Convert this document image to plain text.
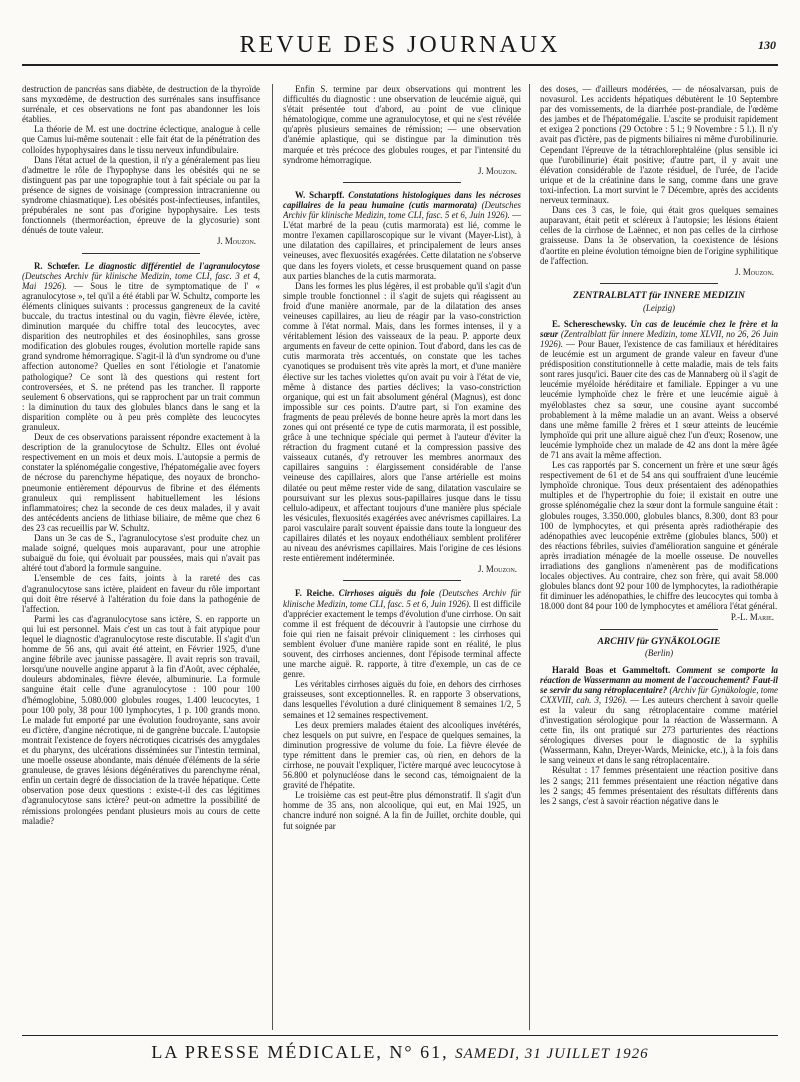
REVUE DES JOURNAUX	130

destruction de pancréas sans diabète, de destruction de la thyroïde sans myxœdème, de destruction des surrénales sans insuffisance surrénale, et ces observations ne font pas abandonner les lois établies.

La théorie de M. est une doctrine éclectique, analogue à celle que Camus lui-même soutenait : elle fait état de la pénétration des colloïdes hypophysaires dans le tissu nerveux infundibulaire.

Dans l'état actuel de la question, il n'y a généralement pas lieu d'admettre le rôle de l'hypophyse dans les obésités qui ne se distinguent pas par une topographie tout à fait spéciale ou par la présence de signes de voisinage (compression intracranienne ou syndrome chiasmatique). Les obésités post-infectieuses, infantiles, prépubérales ne sont pas d'origine hypophysaire. Les tests fonctionnels (thermoréaction, épreuve de la glycosurie) sont dénués de toute valeur.

J. Mouzon.

R. Schœfer. Le diagnostic différentiel de l'agranulocytose (Deutsches Archiv für klinische Medizin, tome CLI, fasc. 3 et 4, Mai 1926). — Sous le titre de symptomatique de l' « agranulocytose », tel qu'il a été établi par W. Schultz, comporte les éléments cliniques suivants : processus gangreneux de la cavité buccale, du tractus intestinal ou du vagin, fièvre élevée, ictère, diminution marquée du chiffre total des leucocytes, avec disparition des neutrophiles et des éosinophiles, sans grosse modification des globules rouges, évolution mortelle rapide sans grand syndrome hémorragique. S'agit-il là d'un syndrome ou d'une affection autonome? Quelles en sont l'étiologie et l'anatomie pathologique? Ce sont là des questions qui restent fort controversées, et S. ne prétend pas les trancher. Il rapporte seulement 6 observations, qui se rapprochent par un trait commun : la diminution du taux des globules blancs dans le sang et la disparition complète ou à peu près complète des leucocytes granuleux.

Deux de ces observations paraissent répondre exactement à la description de la granulocytose de Schultz. Elles ont évolué respectivement en un mois et deux mois. L'autopsie a permis de constater la splénomégalie congestive, l'hépatomégalie avec foyers de nécrose du parenchyme hépatique, des noyaux de broncho-pneumonie entièrement dépourvus de fibrine et des éléments granuleux qui remplissent habituellement les lésions inflammatoires; chez la seconde de ces deux malades, il y avait des antécédents anciens de lithiase biliaire, de même que chez 6 des 23 cas recueillis par W. Schultz.

Dans un 3e cas de S., l'agranulocytose s'est produite chez un malade soigné, quelques mois auparavant, pour une atrophie subaiguë du foie, qui évoluait par poussées, mais qui n'avait pas altéré tout d'abord la formule sanguine.

L'ensemble de ces faits, joints à la rareté des cas d'agranulocytose sans ictère, plaident en faveur du rôle important qui doit être réservé à l'altération du foie dans la pathogénie de l'affection.

Parmi les cas d'agranulocytose sans ictère, S. en rapporte un qui lui est personnel. Mais c'est un cas tout à fait atypique pour lequel le diagnostic d'agranulocytose reste discutable. Il s'agit d'un homme de 56 ans, qui avait été atteint, en Février 1925, d'une angine fébrile avec jaunisse passagère. Il avait repris son travail, lorsqu'une nouvelle angine apparut à la fin d'Août, avec céphalée, douleurs abdominales, fièvre élevée, albuminurie. La formule sanguine était celle d'une agranulocytose : 100 pour 100 d'hémoglobine, 5.080.000 globules rouges, 1.400 leucocytes, 1 pour 100 poly, 38 pour 100 lymphocytes, 1 p. 100 grands mono. Le malade fut emporté par une évolution foudroyante, sans avoir eu d'ictère, d'angine nécrotique, ni de gangrène buccale. L'autopsie montrait l'existence de foyers nécrotiques cicatrisés des amygdales et du pharynx, des ulcérations disséminées sur l'intestin terminal, une moelle osseuse abondante, mais dénuée d'éléments de la série granuleuse, de graves lésions dégénératives du parenchyme rénal, enfin un certain degré de dissociation de la travée hépatique. Cette observation pose deux questions : existe-t-il des cas légitimes d'agranulocytose sans ictère? peut-on admettre la possibilité de rémissions prolongées pendant plusieurs mois au cours de cette maladie?

Enfin S. termine par deux observations qui montrent les difficultés du diagnostic : une observation de leucémie aiguë, qui s'était présentée tout d'abord, au point de vue clinique hématologique, comme une agranulocytose, et qui ne s'est révélée qu'après plusieurs semaines de rémission; — une observation d'anémie aplastique, qui se distingue par la diminution très marquée et très précoce des globules rouges, et par l'intensité du syndrome hémorragique.

J. Mouzon.

W. Scharpff. Constatations histologiques dans les nécroses capillaires de la peau humaine (cutis marmorata) (Deutsches Archiv für klinische Medizin, tome CLI, fasc. 5 et 6, Juin 1926). — L'état marbré de la peau (cutis marmorata) est lié, comme le montre l'examen capillaroscopique sur le vivant (Mayer-List), à une dilatation des capillaires, et principalement de leurs anses veineuses, avec flexuosités exagérées. Cette dilatation ne s'observe que dans les foyers violets, et cesse brusquement quand on passe aux parties blanches de la cutis marmorata.

Dans les formes les plus légères, il est probable qu'il s'agit d'un simple trouble fonctionnel : il s'agit de sujets qui réagissent au froid d'une manière anormale, par de la dilatation des anses veineuses capillaires, au lieu de réagir par la vaso-constriction comme à l'état normal. Mais, dans les formes intenses, il y a véritablement lésion des vaisseaux de la peau. P. apporte deux arguments en faveur de cette opinion. Tout d'abord, dans les cas de cutis marmorata très accentués, on constate que les taches cyanotiques se produisent très vite après la mort, et d'une manière élective sur les taches violettes qu'on avait pu voir à l'état de vie, même à distance des parties déclives; la vaso-constriction organique, qui est un fait absolument général (Magnus), est donc impossible sur ces points. D'autre part, si l'on examine des fragments de peau prélevés de bonne heure après la mort dans les zones qui ont présenté ce type de cutis marmorata, il est possible, grâce à une technique spéciale qui permet à l'auteur d'éviter la rétraction du fragment cutané et la compression passive des vaisseaux cutanés, d'y retrouver les membres anormaux des capillaires sanguins : élargissement considérable de l'anse veineuse des capillaires, alors que l'anse artérielle est moins dilatée ou peut même rester vide de sang, dilatation vasculaire se poursuivant sur les plexus sous-papillaires jusque dans le tissu cellulo-adipeux, et affectant toujours d'une manière plus spéciale les vésicules, flexuosités exagérées avec anévrismes capillaires. La paroi vasculaire paraît souvent épaissie dans toute la longueur des capillaires dilatés et les noyaux endothéliaux semblent proliférer au niveau des anévrismes capillaires. Mais l'origine de ces lésions reste entièrement indéterminée.

J. Mouzon.

F. Reiche. Cirrhoses aiguës du foie (Deutsches Archiv für klinische Medizin, tome CLI, fasc. 5 et 6, Juin 1926). Il est difficile d'apprécier exactement le temps d'évolution d'une cirrhose. On sait comme il est fréquent de découvrir à l'autopsie une cirrhose du foie qui rien ne faisait prévoir cliniquement : les cirrhoses qui semblent évoluer d'une manière rapide sont en réalité, le plus souvent, des cirrhoses anciennes, dont l'épisode terminal affecte une marche aiguë. R. rapporte, à titre d'exemple, un cas de ce genre.

Les véritables cirrhoses aiguës du foie, en dehors des cirrhoses graisseuses, sont exceptionnelles. R. en rapporte 3 observations, dans lesquelles l'évolution a duré cliniquement 8 semaines 1/2, 5 semaines et 12 semaines respectivement.

Les deux premiers malades étaient des alcooliques invétérés, chez lesquels on put suivre, en l'espace de quelques semaines, la diminution progressive de volume du foie. La fièvre élevée de type rémittent dans le premier cas, où rien, en dehors de la cirrhose, ne pouvait l'expliquer, l'ictère marqué avec leucocytose à 56.800 et polynucléose dans le second cas, témoignaient de la gravité de l'hépatite.

Le troisième cas est peut-être plus démonstratif. Il s'agit d'un homme de 35 ans, non alcoolique, qui eut, en Mai 1925, un chancre induré non soigné. A la fin de Juillet, orchite double, qui fut soignée par

des doses, — d'ailleurs modérées, — de néosalvarsan, puis de novasurol. Les accidents hépatiques débutèrent le 10 Septembre par des vomissements, de la diarrhée post-prandiale, de l'œdème des jambes et de l'hépatomégalie. L'ascite se produisit rapidement et exigea 2 ponctions (29 Octobre : 5 l.; 9 Novembre : 5 l.). Il n'y avait pas d'ictère, pas de pigments biliaires ni même d'urobilinurie. Cependant l'épreuve de la tétrachlorephtaléine (plus sensible ici que l'urobilinurie) était positive; d'autre part, il y avait une élévation considérable de l'azote résiduel, de l'urée, de l'acide urique et de la créatinine dans le sang, comme dans une grave toxi-infection. La mort survint le 7 Décembre, après des accidents nerveux terminaux.

Dans ces 3 cas, le foie, qui était gros quelques semaines auparavant, était petit et scléreux à l'autopsie; les lésions étaient celles de la cirrhose de Laënnec, et non pas celles de la cirrhose graisseuse. Dans la 3e observation, la coexistence de lésions d'aortite en pleine évolution témoigne bien de l'origine syphilitique de l'affection.

J. Mouzon.
ZENTRALBLATT für INNERE MEDIZIN
(Leipzig)

E. Schereschewsky. Un cas de leucémie chez le frère et la sœur (Zentralblatt für innere Medizin, tome XLVII, no 26, 26 Juin 1926). — Pour Bauer, l'existence de cas familiaux et héréditaires de leucémie est un argument de grande valeur en faveur d'une prédisposition constitutionnelle à cette maladie, mais de tels faits sont rares jusqu'ici. Bauer cite des cas de Mannaberg où il s'agit de leucémie myéloïde héréditaire et familiale. Eppinger a vu une leucémie lymphoïde chez le frère et une leucémie aiguë à myéloblastes chez sa sœur, une cousine ayant succombé probablement à la même maladie un an avant. Weiss a observé dans une même famille 2 frères et 1 sœur atteints de leucémie lymphoïde qui prit une allure aiguë chez l'un d'eux; Rosenow, une leucémie lymphoïde chez un malade de 42 ans dont la mère âgée de 71 ans avait la même affection.

Les cas rapportés par S. concernent un frère et une sœur âgés respectivement de 61 et de 54 ans qui souffraient d'une leucémie lymphoïde chronique. Tous deux présentaient des adénopathies multiples et de l'hypertrophie du foie; il existait en outre une grosse splénomégalie chez la sœur dont la formule sanguine était : globules rouges, 3.350.000, globules blancs, 8.300, dont 83 pour 100 de lymphocytes, et qui présenta après radiothérapie des adénopathies avec leucopénie extrême (globules blancs, 500) et des réactions fébriles, suivies d'amélioration sanguine et générale après irradiation ménagée de la moelle osseuse. De nouvelles irradiations des ganglions n'amenèrent pas de modifications locales objectives. Au contraire, chez son frère, qui avait 58.000 globules blancs dont 92 pour 100 de lymphocytes, la radiothérapie fit diminuer les adénopathies, le chiffre des leucocytes qui tomba à 18.000 dont 84 pour 100 de lymphocytes et améliora l'état général.

P.-L. Marie.
ARCHIV für GYNÄKOLOGIE
(Berlin)

Harald Boas et Gammeltoft. Comment se comporte la réaction de Wassermann au moment de l'accouchement? Faut-il se servir du sang rétroplacentaire? (Archiv für Gynäkologie, tome CXXVIII, cah. 3, 1926). — Les auteurs cherchent à savoir quelle est la valeur du sang rétroplacentaire comme matériel d'investigation sérologique pour la réaction de Wassermann. A cette fin, ils ont pratiqué sur 273 parturientes des réactions sérologiques diverses pour le diagnostic de la syphilis (Wassermann, Kahn, Dreyer-Wards, Meinicke, etc.), à la fois dans le sang veineux et dans le sang rétroplacentaire.

Résultat : 17 femmes présentaient une réaction positive dans les 2 sangs; 211 femmes présentaient une réaction négative dans les 2 sangs; 45 femmes présentaient des résultats différents dans les 2 sangs, c'est à savoir réaction négative dans le

LA PRESSE MÉDICALE, N° 61, SAMEDI, 31 JUILLET 1926
